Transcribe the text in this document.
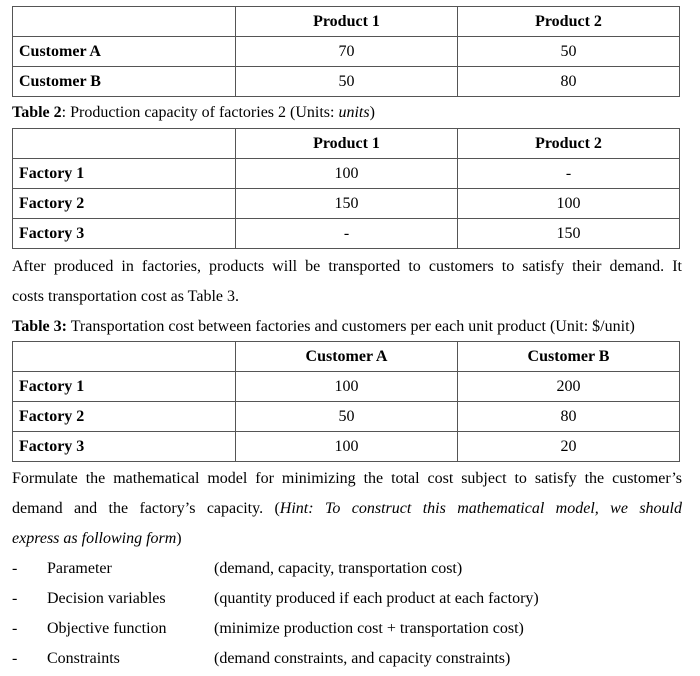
	Product 1	Product 2
Customer A	70	50
Customer B	50	80
Table 2: Production capacity of factories 2 (Units: units)
	Product 1	Product 2
Factory 1	100	-
Factory 2	150	100
Factory 3	-	150
After produced in factories, products will be transported to customers to satisfy their demand. It
costs transportation cost as Table 3.
Table 3: Transportation cost between factories and customers per each unit product (Unit: $/unit)
	Customer A	Customer B
Factory 1	100	200
Factory 2	50	80
Factory 3	100	20
Formulate the mathematical model for minimizing the total cost subject to satisfy the customer’s
demand and the factory’s capacity. (Hint: To construct this mathematical model, we should
express as following form)
- Parameter	(demand, capacity, transportation cost)
- Decision variables	(quantity produced if each product at each factory)
- Objective function	(minimize production cost + transportation cost)
- Constraints	(demand constraints, and capacity constraints)
